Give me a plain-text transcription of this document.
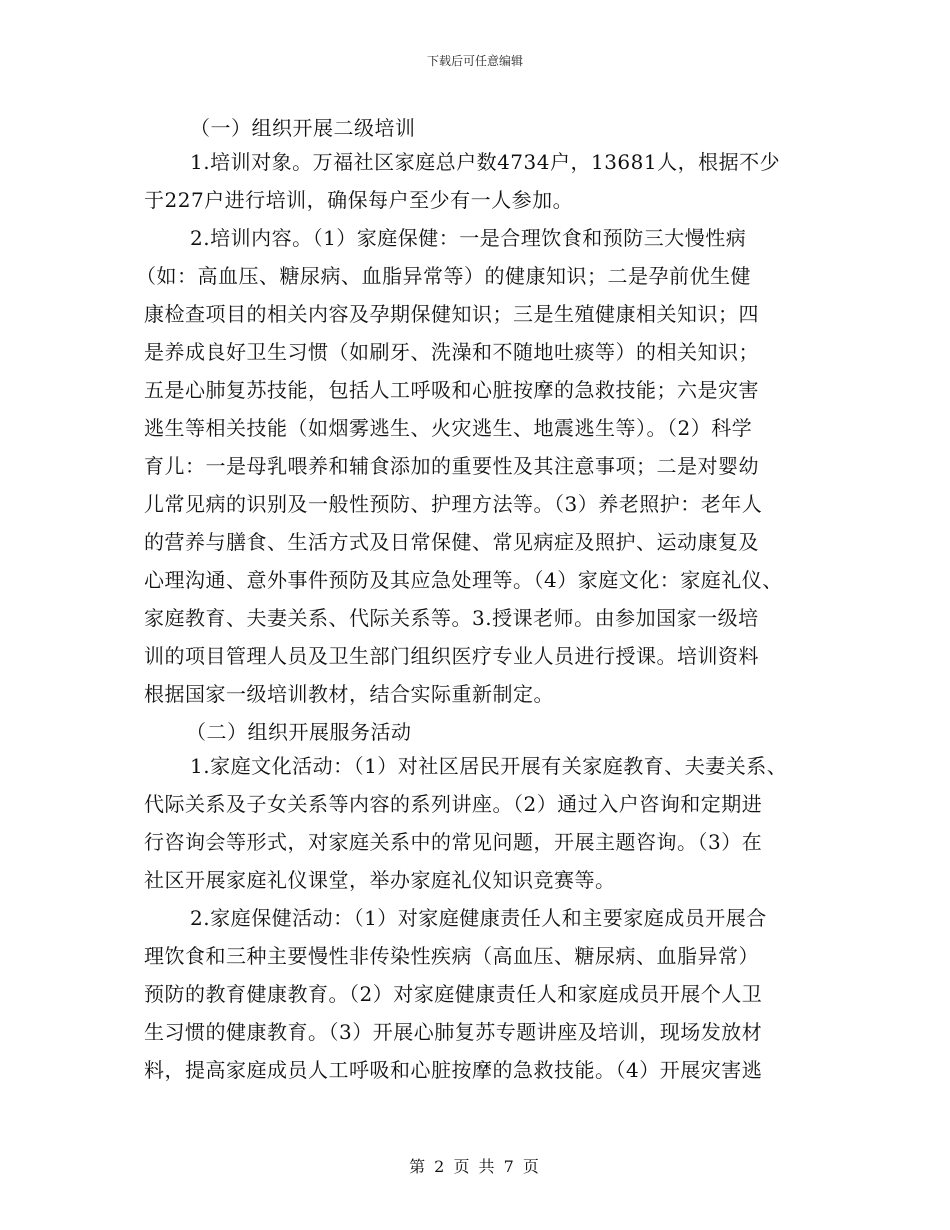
下载后可任意编辑
（一）组织开展二级培训
1.培训对象。万福社区家庭总户数4734户，13681人，根据不少
于227户进行培训，确保每户至少有一人参加。
2.培训内容。（1）家庭保健：一是合理饮食和预防三大慢性病
（如：高血压、糖尿病、血脂异常等）的健康知识；二是孕前优生健
康检查项目的相关内容及孕期保健知识；三是生殖健康相关知识；四
是养成良好卫生习惯（如刷牙、洗澡和不随地吐痰等）的相关知识；
五是心肺复苏技能，包括人工呼吸和心脏按摩的急救技能；六是灾害
逃生等相关技能（如烟雾逃生、火灾逃生、地震逃生等）。（2）科学
育儿：一是母乳喂养和辅食添加的重要性及其注意事项；二是对婴幼
儿常见病的识别及一般性预防、护理方法等。（3）养老照护：老年人
的营养与膳食、生活方式及日常保健、常见病症及照护、运动康复及
心理沟通、意外事件预防及其应急处理等。（4）家庭文化：家庭礼仪、
家庭教育、夫妻关系、代际关系等。3.授课老师。由参加国家一级培
训的项目管理人员及卫生部门组织医疗专业人员进行授课。培训资料
根据国家一级培训教材，结合实际重新制定。
（二）组织开展服务活动
1.家庭文化活动：（1）对社区居民开展有关家庭教育、夫妻关系、
代际关系及子女关系等内容的系列讲座。（2）通过入户咨询和定期进
行咨询会等形式，对家庭关系中的常见问题，开展主题咨询。（3）在
社区开展家庭礼仪课堂，举办家庭礼仪知识竞赛等。
2.家庭保健活动：（1）对家庭健康责任人和主要家庭成员开展合
理饮食和三种主要慢性非传染性疾病（高血压、糖尿病、血脂异常）
预防的教育健康教育。（2）对家庭健康责任人和家庭成员开展个人卫
生习惯的健康教育。（3）开展心肺复苏专题讲座及培训，现场发放材
料，提高家庭成员人工呼吸和心脏按摩的急救技能。（4）开展灾害逃
第 2 页 共 7 页
